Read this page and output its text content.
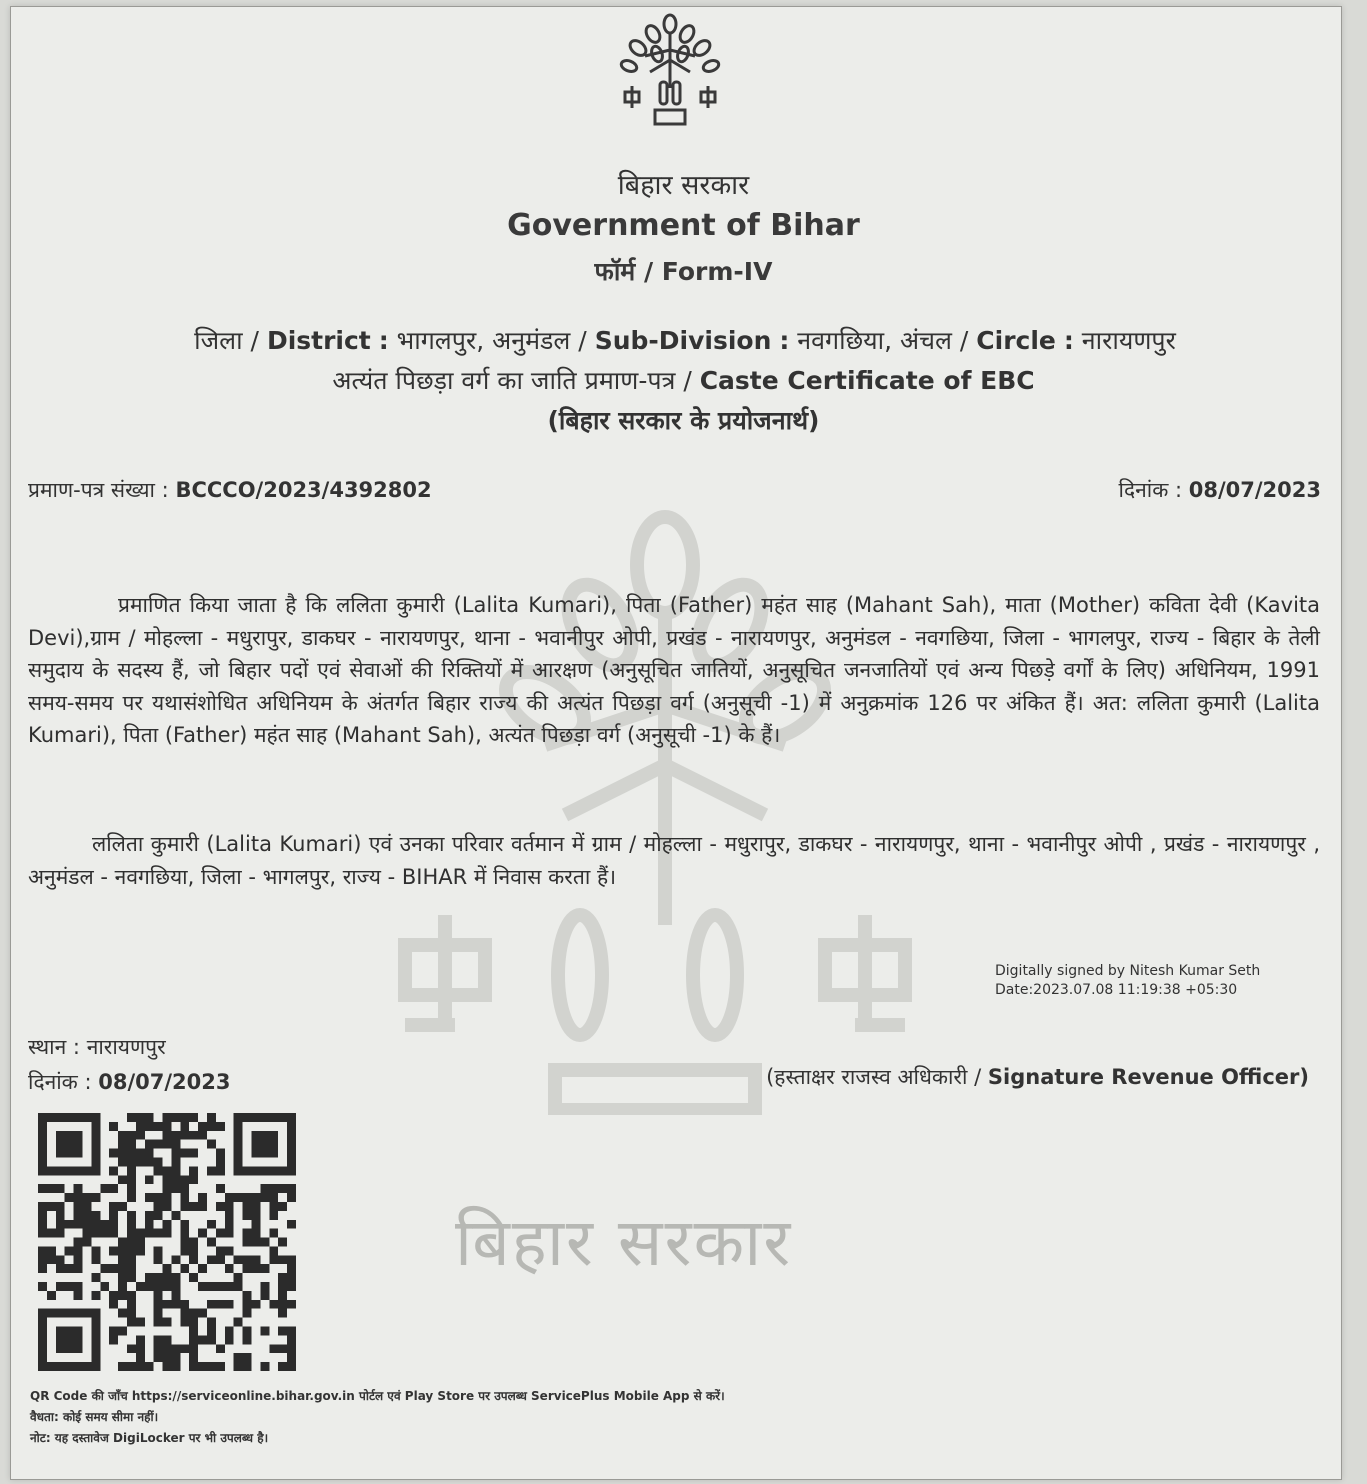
बिहार सरकार
Government of Bihar
फॉर्म / Form-IV
जिला / District : भागलपुर, अनुमंडल / Sub-Division : नवगछिया, अंचल / Circle : नारायणपुर
अत्यंत पिछड़ा वर्ग का जाति प्रमाण-पत्र / Caste Certificate of EBC
(बिहार सरकार के प्रयोजनार्थ)
प्रमाण-पत्र संख्या : BCCCO/2023/4392802	दिनांक : 08/07/2023
बिहार सरकार
प्रमाणित किया जाता है कि ललिता कुमारी (Lalita Kumari), पिता (Father) महंत साह (Mahant Sah), माता (Mother) कविता देवी (Kavita Devi),ग्राम / मोहल्ला - मधुरापुर, डाकघर - नारायणपुर, थाना - भवानीपुर ओपी, प्रखंड - नारायणपुर, अनुमंडल - नवगछिया, जिला - भागलपुर, राज्य - बिहार के तेली समुदाय के सदस्य हैं, जो बिहार पदों एवं सेवाओं की रिक्तियों में आरक्षण (अनुसूचित जातियों, अनुसूचित जनजातियों एवं अन्य पिछड़े वर्गों के लिए) अधिनियम, 1991 समय-समय पर यथासंशोधित अधिनियम के अंतर्गत बिहार राज्य की अत्यंत पिछड़ा वर्ग (अनुसूची -1) में अनुक्रमांक 126 पर अंकित हैं। अत: ललिता कुमारी (Lalita Kumari), पिता (Father) महंत साह (Mahant Sah), अत्यंत पिछड़ा वर्ग (अनुसूची -1) के हैं।
ललिता कुमारी (Lalita Kumari) एवं उनका परिवार वर्तमान में ग्राम / मोहल्ला - मधुरापुर, डाकघर - नारायणपुर, थाना - भवानीपुर ओपी , प्रखंड - नारायणपुर , अनुमंडल - नवगछिया, जिला - भागलपुर, राज्य - BIHAR में निवास करता हैं।
Digitally signed by Nitesh Kumar Seth
Date:2023.07.08 11:19:38 +05:30
स्थान : नारायणपुर
दिनांक : 08/07/2023	(हस्ताक्षर राजस्व अधिकारी / Signature Revenue Officer)
QR Code की जाँच https://serviceonline.bihar.gov.in पोर्टल एवं Play Store पर उपलब्ध ServicePlus Mobile App से करें।
वैधता: कोई समय सीमा नहीं।
नोट: यह दस्तावेज DigiLocker पर भी उपलब्ध है।
